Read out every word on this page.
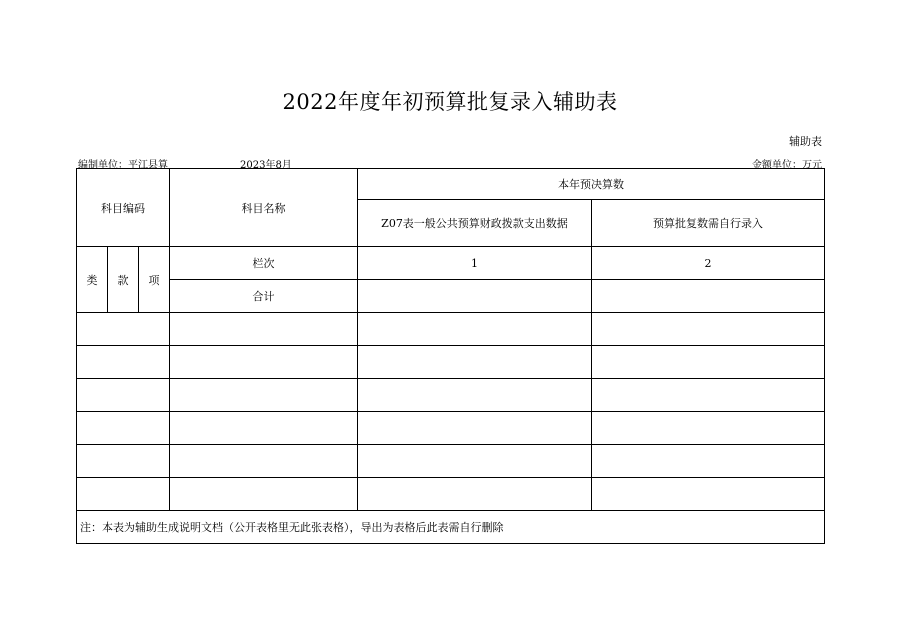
2022年度年初预算批复录入辅助表
辅助表
编制单位：平江县算	2023年8月	金额单位：万元
科目编码			科目名称	本年预决算数	
				Z07表一般公共预算财政拨款支出数据	预算批复数需自行录入
类	款	项	栏次	1	2
			合计		

注：本表为辅助生成说明文档（公开表格里无此张表格），导出为表格后此表需自行删除					
